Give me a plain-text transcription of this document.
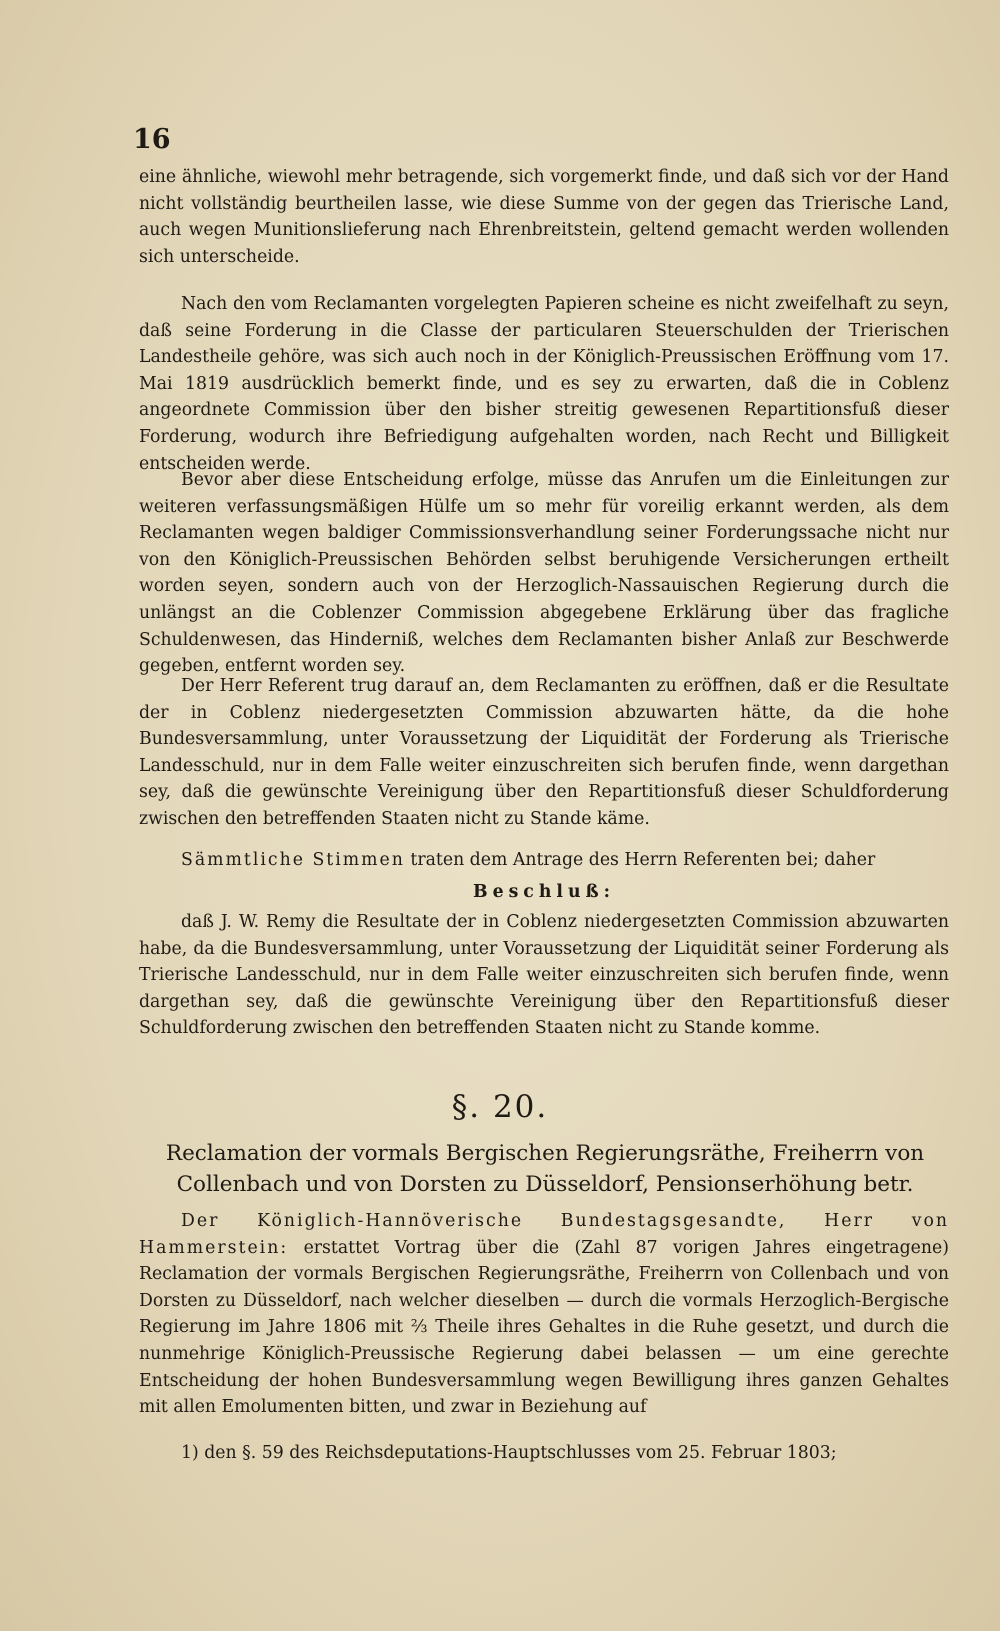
16

eine ähnliche, wiewohl mehr betragende, sich vorgemerkt finde, und daß sich vor der Hand nicht vollständig beurtheilen lasse, wie diese Summe von der gegen das Trierische Land, auch wegen Munitionslieferung nach Ehrenbreitstein, geltend gemacht werden wollenden sich unterscheide.

Nach den vom Reclamanten vorgelegten Papieren scheine es nicht zweifelhaft zu seyn, daß seine Forderung in die Classe der particularen Steuerschulden der Trierischen Landestheile gehöre, was sich auch noch in der Königlich-Preussischen Eröffnung vom 17. Mai 1819 ausdrücklich bemerkt finde, und es sey zu erwarten, daß die in Coblenz angeordnete Commission über den bisher streitig gewesenen Repartitionsfuß dieser Forderung, wodurch ihre Befriedigung aufgehalten worden, nach Recht und Billigkeit entscheiden werde.

Bevor aber diese Entscheidung erfolge, müsse das Anrufen um die Einleitungen zur weiteren verfassungsmäßigen Hülfe um so mehr für voreilig erkannt werden, als dem Reclamanten wegen baldiger Commissionsverhandlung seiner Forderungssache nicht nur von den Königlich-Preussischen Behörden selbst beruhigende Versicherungen ertheilt worden seyen, sondern auch von der Herzoglich-Nassauischen Regierung durch die unlängst an die Coblenzer Commission abgegebene Erklärung über das fragliche Schuldenwesen, das Hinderniß, welches dem Reclamanten bisher Anlaß zur Beschwerde gegeben, entfernt worden sey.

Der Herr Referent trug darauf an, dem Reclamanten zu eröffnen, daß er die Resultate der in Coblenz niedergesetzten Commission abzuwarten hätte, da die hohe Bundesversammlung, unter Voraussetzung der Liquidität der Forderung als Trierische Landesschuld, nur in dem Falle weiter einzuschreiten sich berufen finde, wenn dargethan sey, daß die gewünschte Vereinigung über den Repartitionsfuß dieser Schuldforderung zwischen den betreffenden Staaten nicht zu Stande käme.

Sämmtliche Stimmen traten dem Antrage des Herrn Referenten bei; daher

Beschluß:

daß J. W. Remy die Resultate der in Coblenz niedergesetzten Commission abzuwarten habe, da die Bundesversammlung, unter Voraussetzung der Liquidität seiner Forderung als Trierische Landesschuld, nur in dem Falle weiter einzuschreiten sich berufen finde, wenn dargethan sey, daß die gewünschte Vereinigung über den Repartitionsfuß dieser Schuldforderung zwischen den betreffenden Staaten nicht zu Stande komme.

§. 20.
Reclamation der vormals Bergischen Regierungsräthe, Freiherrn von Collenbach und von Dorsten zu Düsseldorf, Pensionserhöhung betr.

Der Königlich-Hannöverische Bundestagsgesandte, Herr von Hammerstein: erstattet Vortrag über die (Zahl 87 vorigen Jahres eingetragene) Reclamation der vormals Bergischen Regierungsräthe, Freiherrn von Collenbach und von Dorsten zu Düsseldorf, nach welcher dieselben — durch die vormals Herzoglich-Bergische Regierung im Jahre 1806 mit ⅔ Theile ihres Gehaltes in die Ruhe gesetzt, und durch die nunmehrige Königlich-Preussische Regierung dabei belassen — um eine gerechte Entscheidung der hohen Bundesversammlung wegen Bewilligung ihres ganzen Gehaltes mit allen Emolumenten bitten, und zwar in Beziehung auf

1) den §. 59 des Reichsdeputations-Hauptschlusses vom 25. Februar 1803;
